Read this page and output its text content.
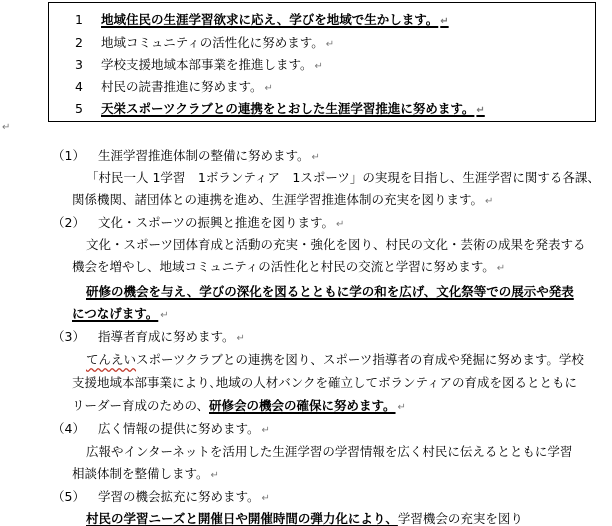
1	地域住民の生涯学習欲求に応え、学びを地域で生かします。 ↵
2	地域コミュニティの活性化に努めます。 ↵
3	学校支援地域本部事業を推進します。 ↵
4	村民の読書推進に努めます。 ↵
5	天栄スポーツクラブとの連携をとおした生涯学習推進に努めます。 ↵
↵
（1） 生涯学習推進体制の整備に努めます。 ↵
「村民一人 1学習　1ボランティア　1スポーツ」の実現を目指し、生涯学習に関する各課、
関係機関、諸団体との連携を進め、生涯学習推進体制の充実を図ります。 ↵
（2） 文化・スポーツの振興と推進を図ります。 ↵
文化・スポーツ団体育成と活動の充実・強化を図り、村民の文化・芸術の成果を発表する
機会を増やし、地域コミュニティの活性化と村民の交流と学習に努めます。 ↵
研修の機会を与え、学びの深化を図るとともに学の和を広げ、文化祭等での展示や発表
につなげます。 ↵
（3） 指導者育成に努めます。 ↵
てんえいスポーツクラブとの連携を図り、スポーツ指導者の育成や発掘に努めます。学校
支援地域本部事業により､地域の人材バンクを確立してボランティアの育成を図るとともに
リーダー育成のための、研修会の機会の確保に努めます。 ↵
（4） 広く情報の提供に努めます。 ↵
広報やインターネットを活用した生涯学習の学習情報を広く村民に伝えるとともに学習
相談体制を整備します。 ↵
（5） 学習の機会拡充に努めます。 ↵
村民の学習ニーズと開催日や開催時間の弾力化により、学習機会の充実を図り
